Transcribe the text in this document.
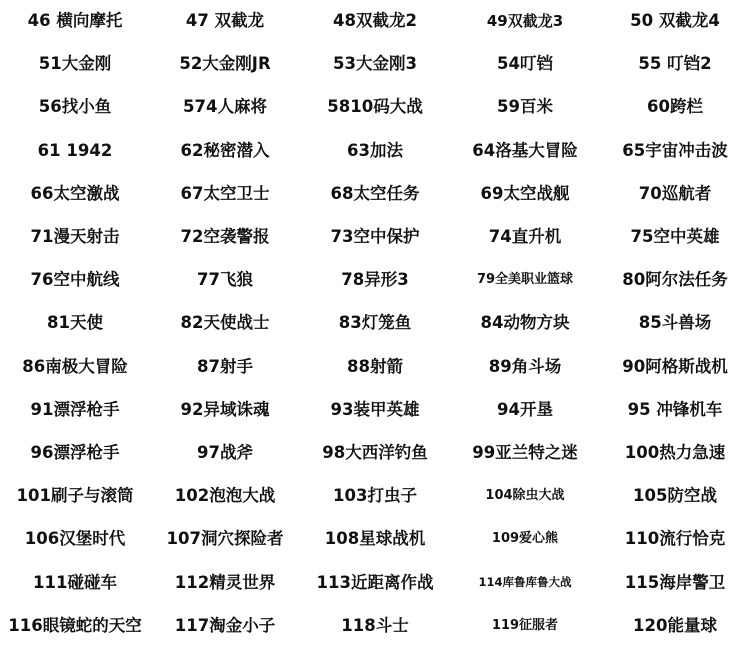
46 横向摩托	47 双截龙	48双截龙2	49双截龙3	50 双截龙4
51大金刚	52大金刚JR	53大金刚3	54叮铛	55 叮铛2
56找小鱼	574人麻将	5810码大战	59百米	60跨栏
61 1942	62秘密潜入	63加法	64洛基大冒险	65宇宙冲击波
66太空激战	67太空卫士	68太空任务	69太空战舰	70巡航者
71漫天射击	72空袭警报	73空中保护	74直升机	75空中英雄
76空中航线	77飞狼	78异形3	79全美职业篮球	80阿尔法任务
81天使	82天使战士	83灯笼鱼	84动物方块	85斗兽场
86南极大冒险	87射手	88射箭	89角斗场	90阿格斯战机
91漂浮枪手	92异域诛魂	93装甲英雄	94开垦	95 冲锋机车
96漂浮枪手	97战斧	98大西洋钓鱼	99亚兰特之迷	100热力急速
101刷子与滚筒	102泡泡大战	103打虫子	104除虫大战	105防空战
106汉堡时代	107洞穴探险者	108星球战机	109爱心熊	110流行恰克
111碰碰车	112精灵世界	113近距离作战	114库鲁库鲁大战	115海岸警卫
116眼镜蛇的天空	117淘金小子	118斗士	119征服者	120能量球
